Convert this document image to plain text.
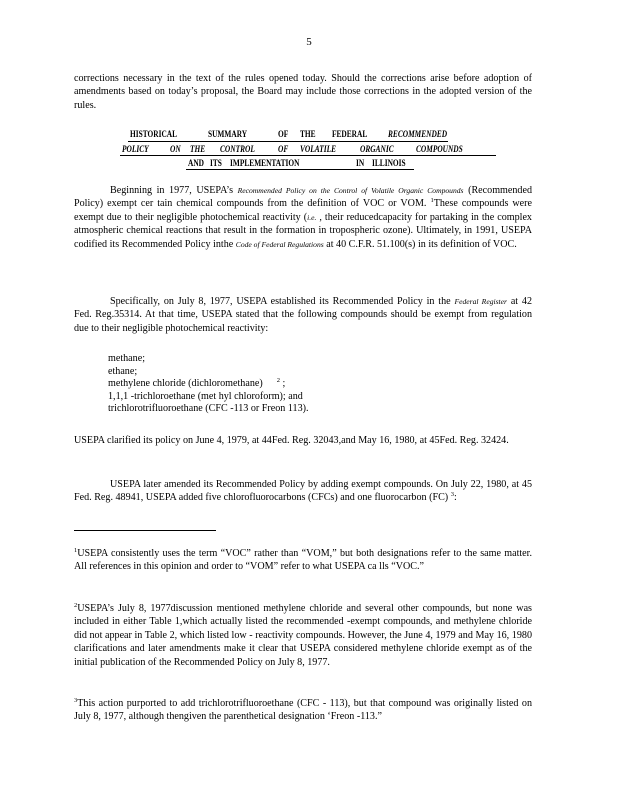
5
corrections necessary in the text of the rules opened today. Should the corrections arise before adoption of amendments based on today’s proposal, the Board may include those corrections in the adopted version of the rules.
HISTORICAL	SUMMARY	OF THE FEDERAL RECOMMENDED
POLICY ON THE CONTROL	OF VOLATILE	ORGANIC COMPOUNDS
AND ITS IMPLEMENTATION	IN ILLINOIS
Beginning in 1977, USEPA’s Recommended Policy on the Control of Volatile Organic Compounds (Recommended Policy) exempt cer tain chemical compounds from the definition of VOC or VOM. $^1$These compounds were exempt due to their negligible photochemical reactivity (i.e. , their reducedcapacity for partaking in the complex atmospheric chemical reactions that result in the formation in tropospheric ozone). Ultimately, in 1991, USEPA codified its Recommended Policy inthe Code of Federal Regulations at 40 C.F.R. 51.100(s) in its definition of VOC.
Specifically, on July 8, 1977, USEPA established its Recommended Policy in the Federal Register at 42 Fed. Reg.35314. At that time, USEPA stated that the following compounds should be exempt from regulation due to their negligible photochemical reactivity:
methane;
ethane;
methylene chloride (dichloromethane) $^2$ ;
1,1,1 -trichloroethane (met hyl chloroform); and
trichlorotrifluoroethane (CFC -113 or Freon 113).
USEPA clarified its policy on June 4, 1979, at 44Fed. Reg. 32043,and May 16, 1980, at 45Fed. Reg. 32424.
USEPA later amended its Recommended Policy by adding exempt compounds. On July 22, 1980, at 45 Fed. Reg. 48941, USEPA added five chlorofluorocarbons (CFCs) and one fluorocarbon (FC) $^3$:
$^1$USEPA consistently uses the term “VOC” rather than “VOM,” but both designations refer to the same matter. All references in this opinion and order to “VOM” refer to what USEPA ca lls “VOC.”
$^2$USEPA’s July 8, 1977discussion mentioned methylene chloride and several other compounds, but none was included in either Table 1,which actually listed the recommended -exempt compounds, and methylene chloride did not appear in Table 2, which listed low - reactivity compounds. However, the June 4, 1979 and May 16, 1980 clarifications and later amendments make it clear that USEPA considered methylene chloride exempt as of the initial publication of the Recommended Policy on July 8, 1977.
$^3$This action purported to add trichlorotrifluoroethane (CFC - 113), but that compound was originally listed on July 8, 1977, although thengiven the parenthetical designation ‘Freon -113.”
